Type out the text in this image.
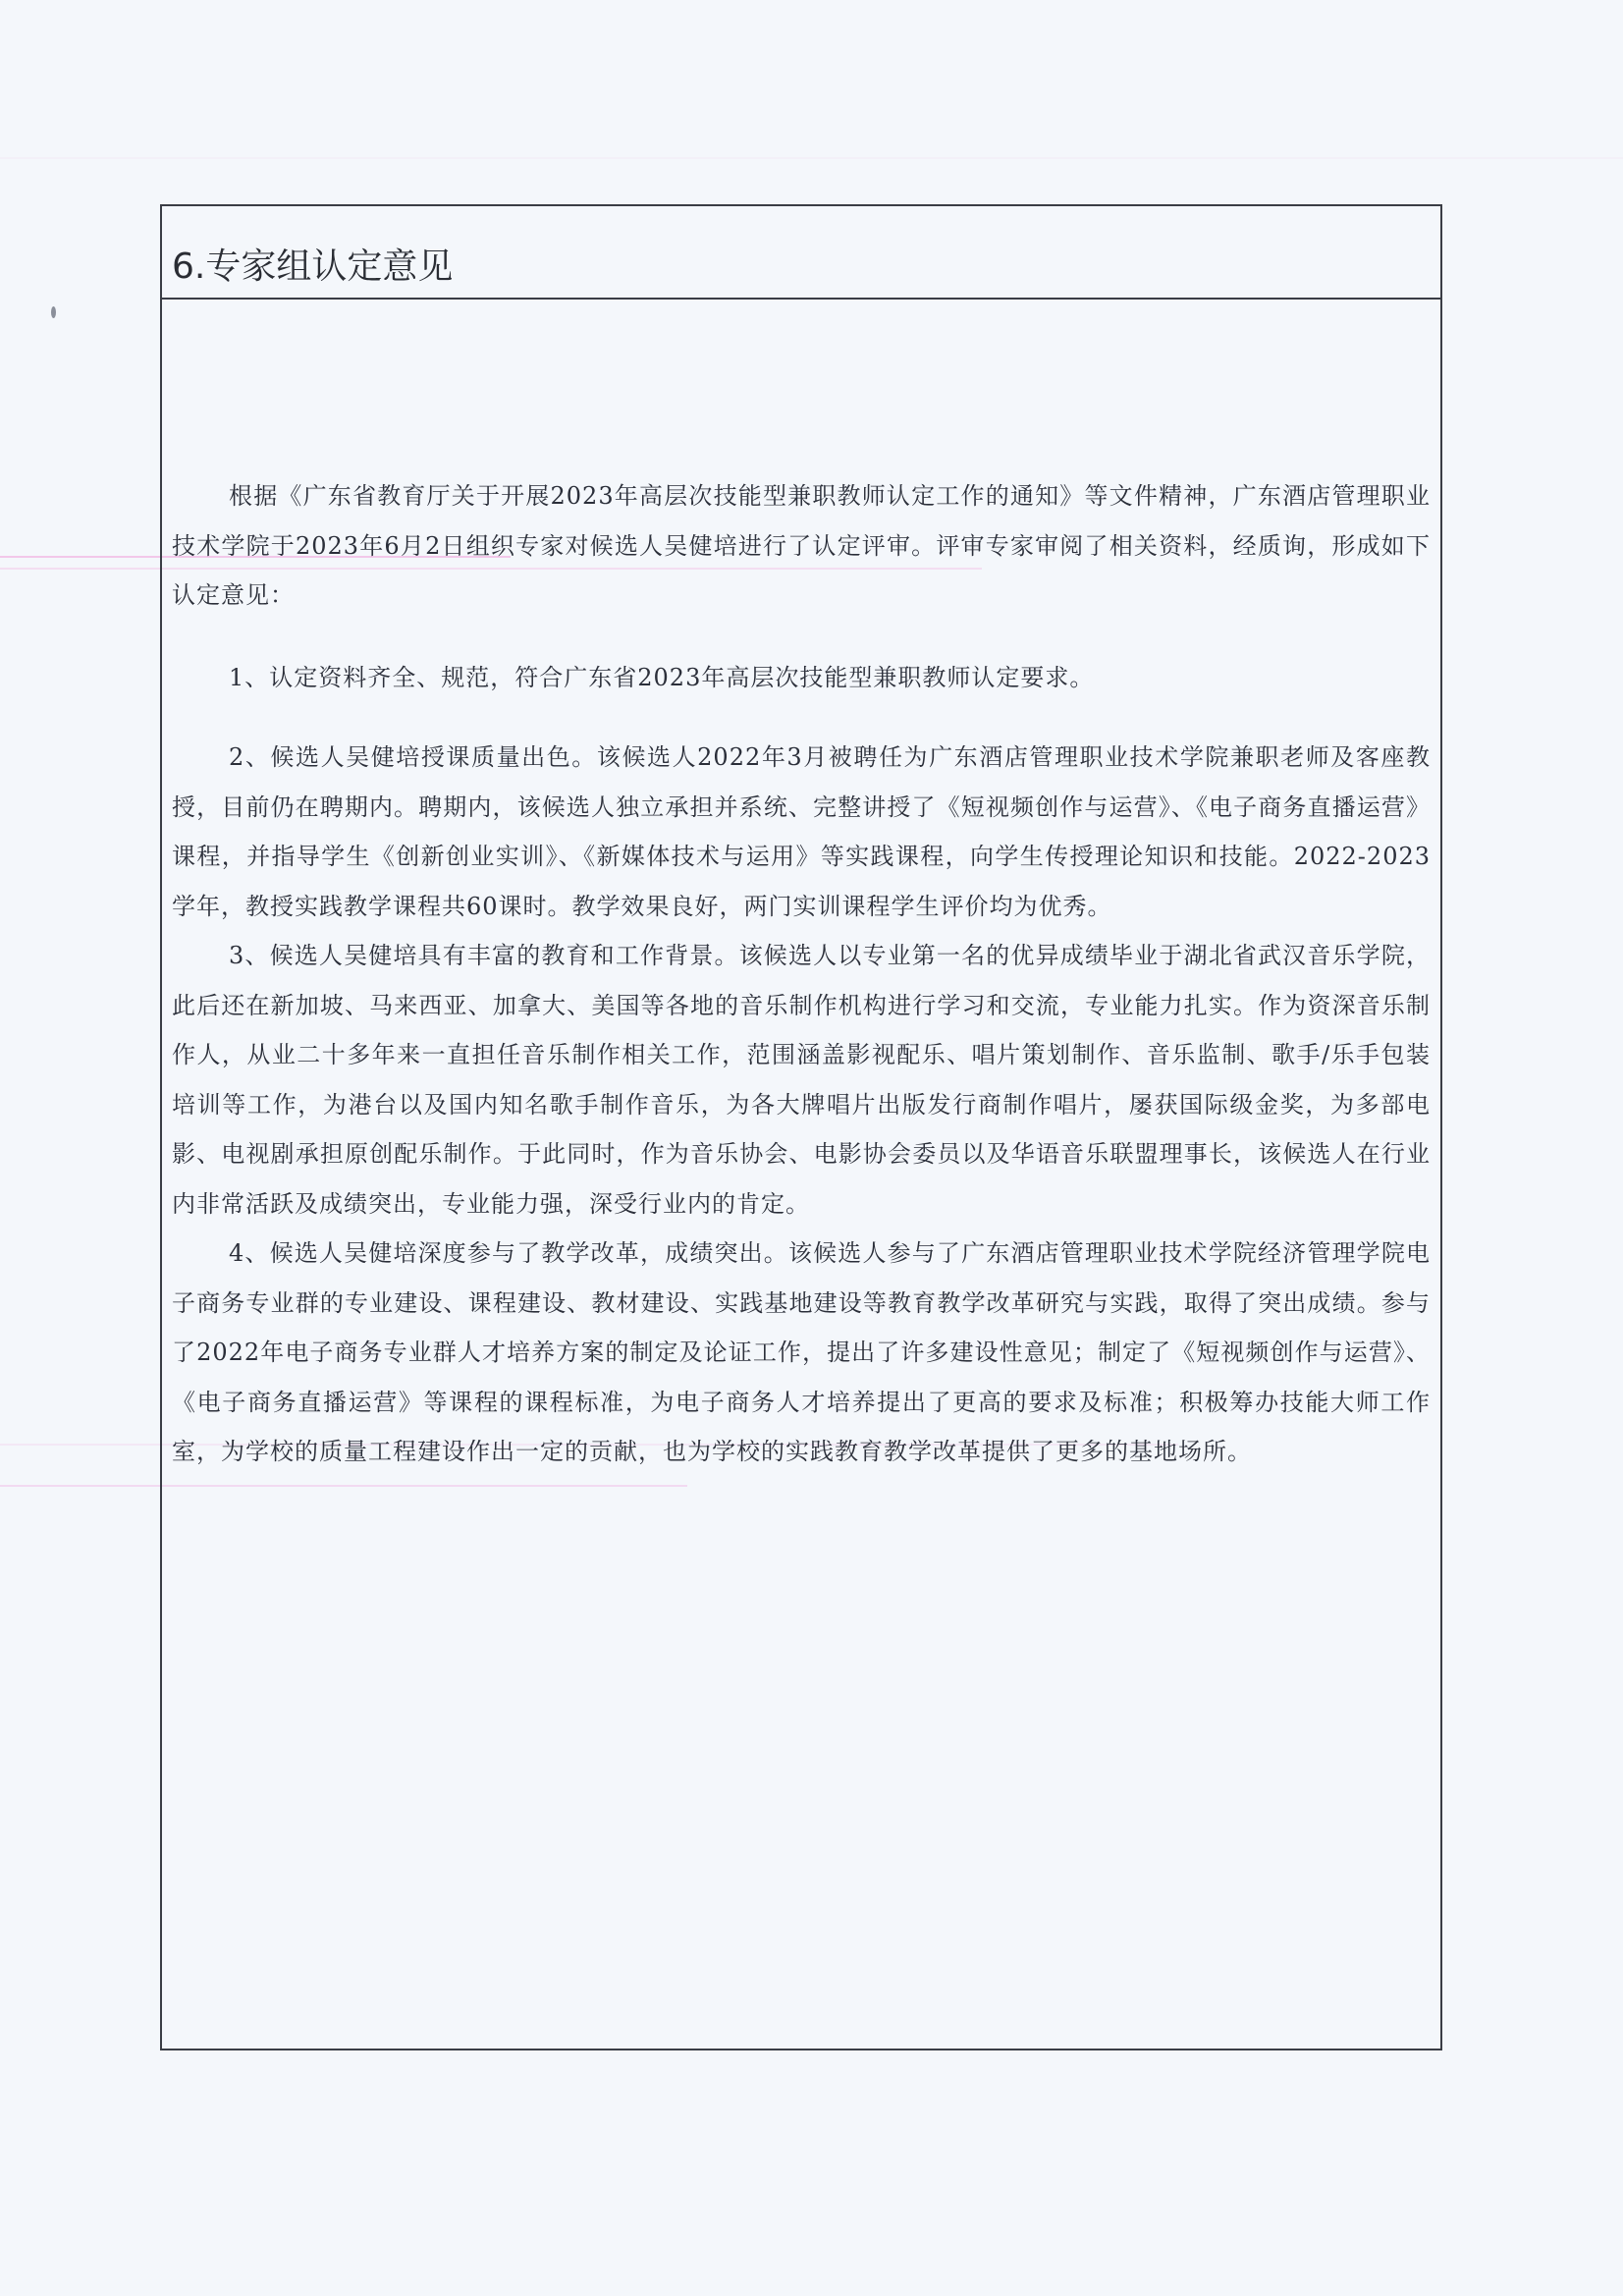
6.专家组认定意见

根据《广东省教育厅关于开展2023年高层次技能型兼职教师认定工作的通知》等文件精神，广东酒店管理职业技术学院于2023年6月2日组织专家对候选人吴健培进行了认定评审。评审专家审阅了相关资料，经质询，形成如下认定意见：

1、认定资料齐全、规范，符合广东省2023年高层次技能型兼职教师认定要求。

2、候选人吴健培授课质量出色。该候选人2022年3月被聘任为广东酒店管理职业技术学院兼职老师及客座教授，目前仍在聘期内。聘期内，该候选人独立承担并系统、完整讲授了《短视频创作与运营》、《电子商务直播运营》课程，并指导学生《创新创业实训》、《新媒体技术与运用》等实践课程，向学生传授理论知识和技能。2022-2023学年，教授实践教学课程共60课时。教学效果良好，两门实训课程学生评价均为优秀。

3、候选人吴健培具有丰富的教育和工作背景。该候选人以专业第一名的优异成绩毕业于湖北省武汉音乐学院，此后还在新加坡、马来西亚、加拿大、美国等各地的音乐制作机构进行学习和交流，专业能力扎实。作为资深音乐制作人，从业二十多年来一直担任音乐制作相关工作，范围涵盖影视配乐、唱片策划制作、音乐监制、歌手/乐手包装培训等工作，为港台以及国内知名歌手制作音乐，为各大牌唱片出版发行商制作唱片，屡获国际级金奖，为多部电影、电视剧承担原创配乐制作。于此同时，作为音乐协会、电影协会委员以及华语音乐联盟理事长，该候选人在行业内非常活跃及成绩突出，专业能力强，深受行业内的肯定。

4、候选人吴健培深度参与了教学改革，成绩突出。该候选人参与了广东酒店管理职业技术学院经济管理学院电子商务专业群的专业建设、课程建设、教材建设、实践基地建设等教育教学改革研究与实践，取得了突出成绩。参与了2022年电子商务专业群人才培养方案的制定及论证工作，提出了许多建设性意见；制定了《短视频创作与运营》、《电子商务直播运营》等课程的课程标准，为电子商务人才培养提出了更高的要求及标准；积极筹办技能大师工作室，为学校的质量工程建设作出一定的贡献，也为学校的实践教育教学改革提供了更多的基地场所。
